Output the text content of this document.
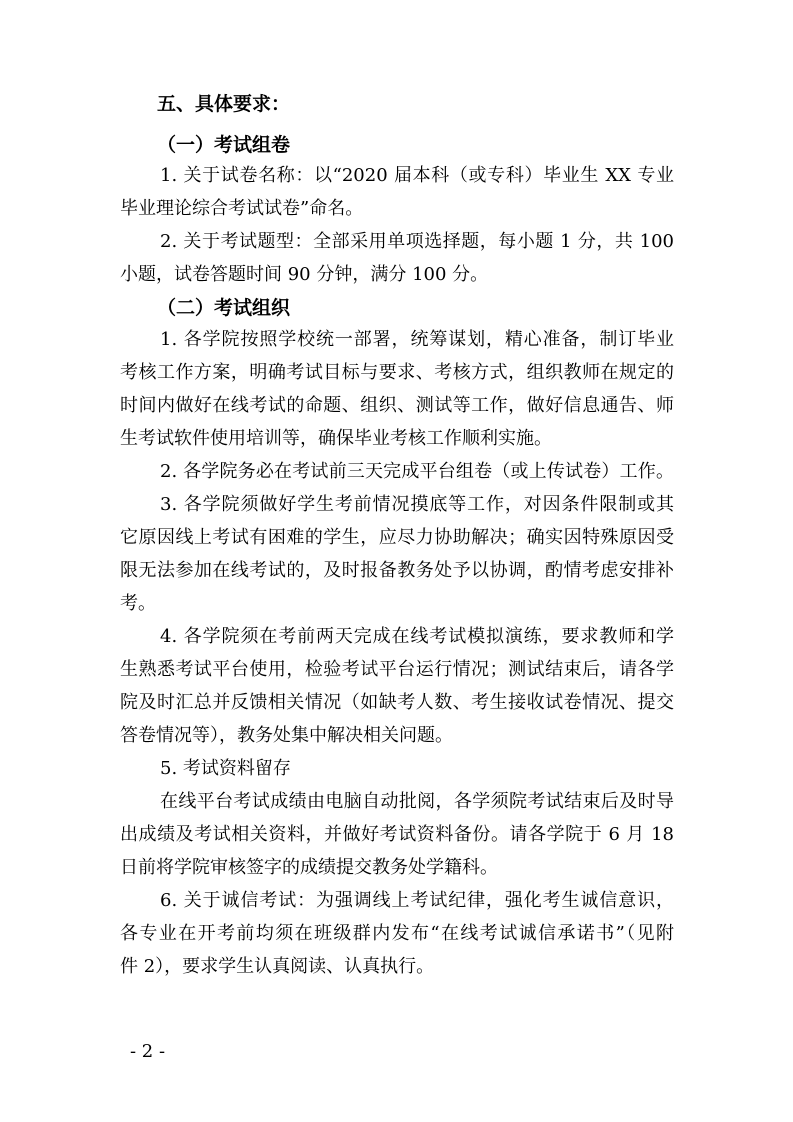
五、具体要求：
（一）考试组卷
1. 关于试卷名称：以“2020 届本科（或专科）毕业生 XX 专业
毕业理论综合考试试卷”命名。
2. 关于考试题型：全部采用单项选择题，每小题 1 分，共 100
小题，试卷答题时间 90 分钟，满分 100 分。
（二）考试组织
1. 各学院按照学校统一部署，统筹谋划，精心准备，制订毕业
考核工作方案，明确考试目标与要求、考核方式，组织教师在规定的
时间内做好在线考试的命题、组织、测试等工作，做好信息通告、师
生考试软件使用培训等，确保毕业考核工作顺利实施。
2. 各学院务必在考试前三天完成平台组卷（或上传试卷）工作。
3. 各学院须做好学生考前情况摸底等工作，对因条件限制或其
它原因线上考试有困难的学生，应尽力协助解决；确实因特殊原因受
限无法参加在线考试的，及时报备教务处予以协调，酌情考虑安排补
考。
4. 各学院须在考前两天完成在线考试模拟演练，要求教师和学
生熟悉考试平台使用，检验考试平台运行情况；测试结束后，请各学
院及时汇总并反馈相关情况（如缺考人数、考生接收试卷情况、提交
答卷情况等），教务处集中解决相关问题。
5. 考试资料留存
在线平台考试成绩由电脑自动批阅，各学须院考试结束后及时导
出成绩及考试相关资料，并做好考试资料备份。请各学院于 6 月 18
日前将学院审核签字的成绩提交教务处学籍科。
6. 关于诚信考试：为强调线上考试纪律，强化考生诚信意识，
各专业在开考前均须在班级群内发布“在线考试诚信承诺书”（见附
件 2），要求学生认真阅读、认真执行。
- 2 -
